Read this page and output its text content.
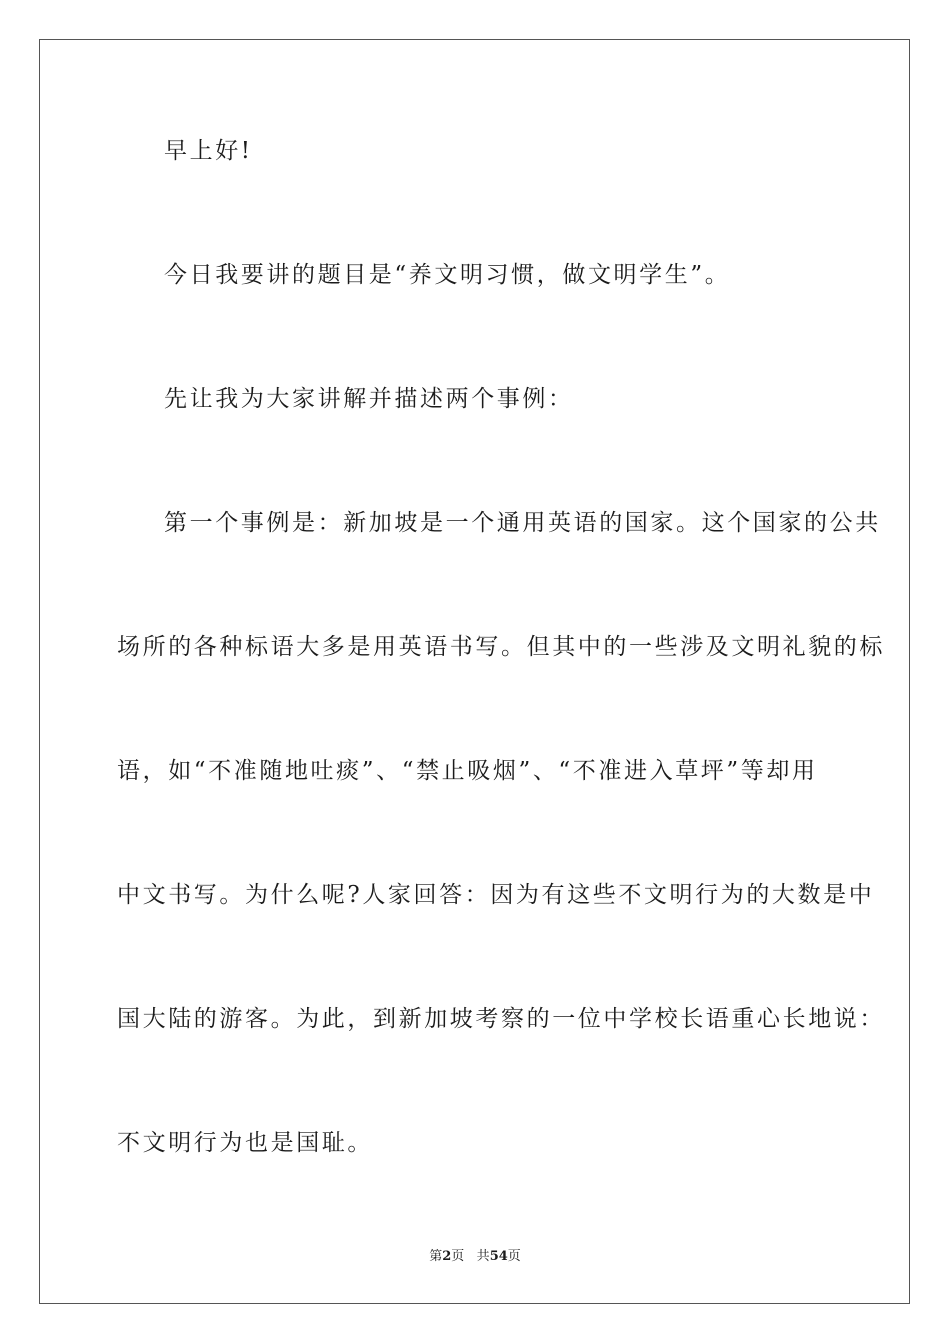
早上好!
今日我要讲的题目是“养文明习惯，做文明学生”。
先让我为大家讲解并描述两个事例：
第一个事例是：新加坡是一个通用英语的国家。这个国家的公共
场所的各种标语大多是用英语书写。但其中的一些涉及文明礼貌的标
语，如“不准随地吐痰”、“禁止吸烟”、“不准进入草坪”等却用
中文书写。为什么呢?人家回答：因为有这些不文明行为的大数是中
国大陆的游客。为此，到新加坡考察的一位中学校长语重心长地说：
不文明行为也是国耻。
第2页 共54页
